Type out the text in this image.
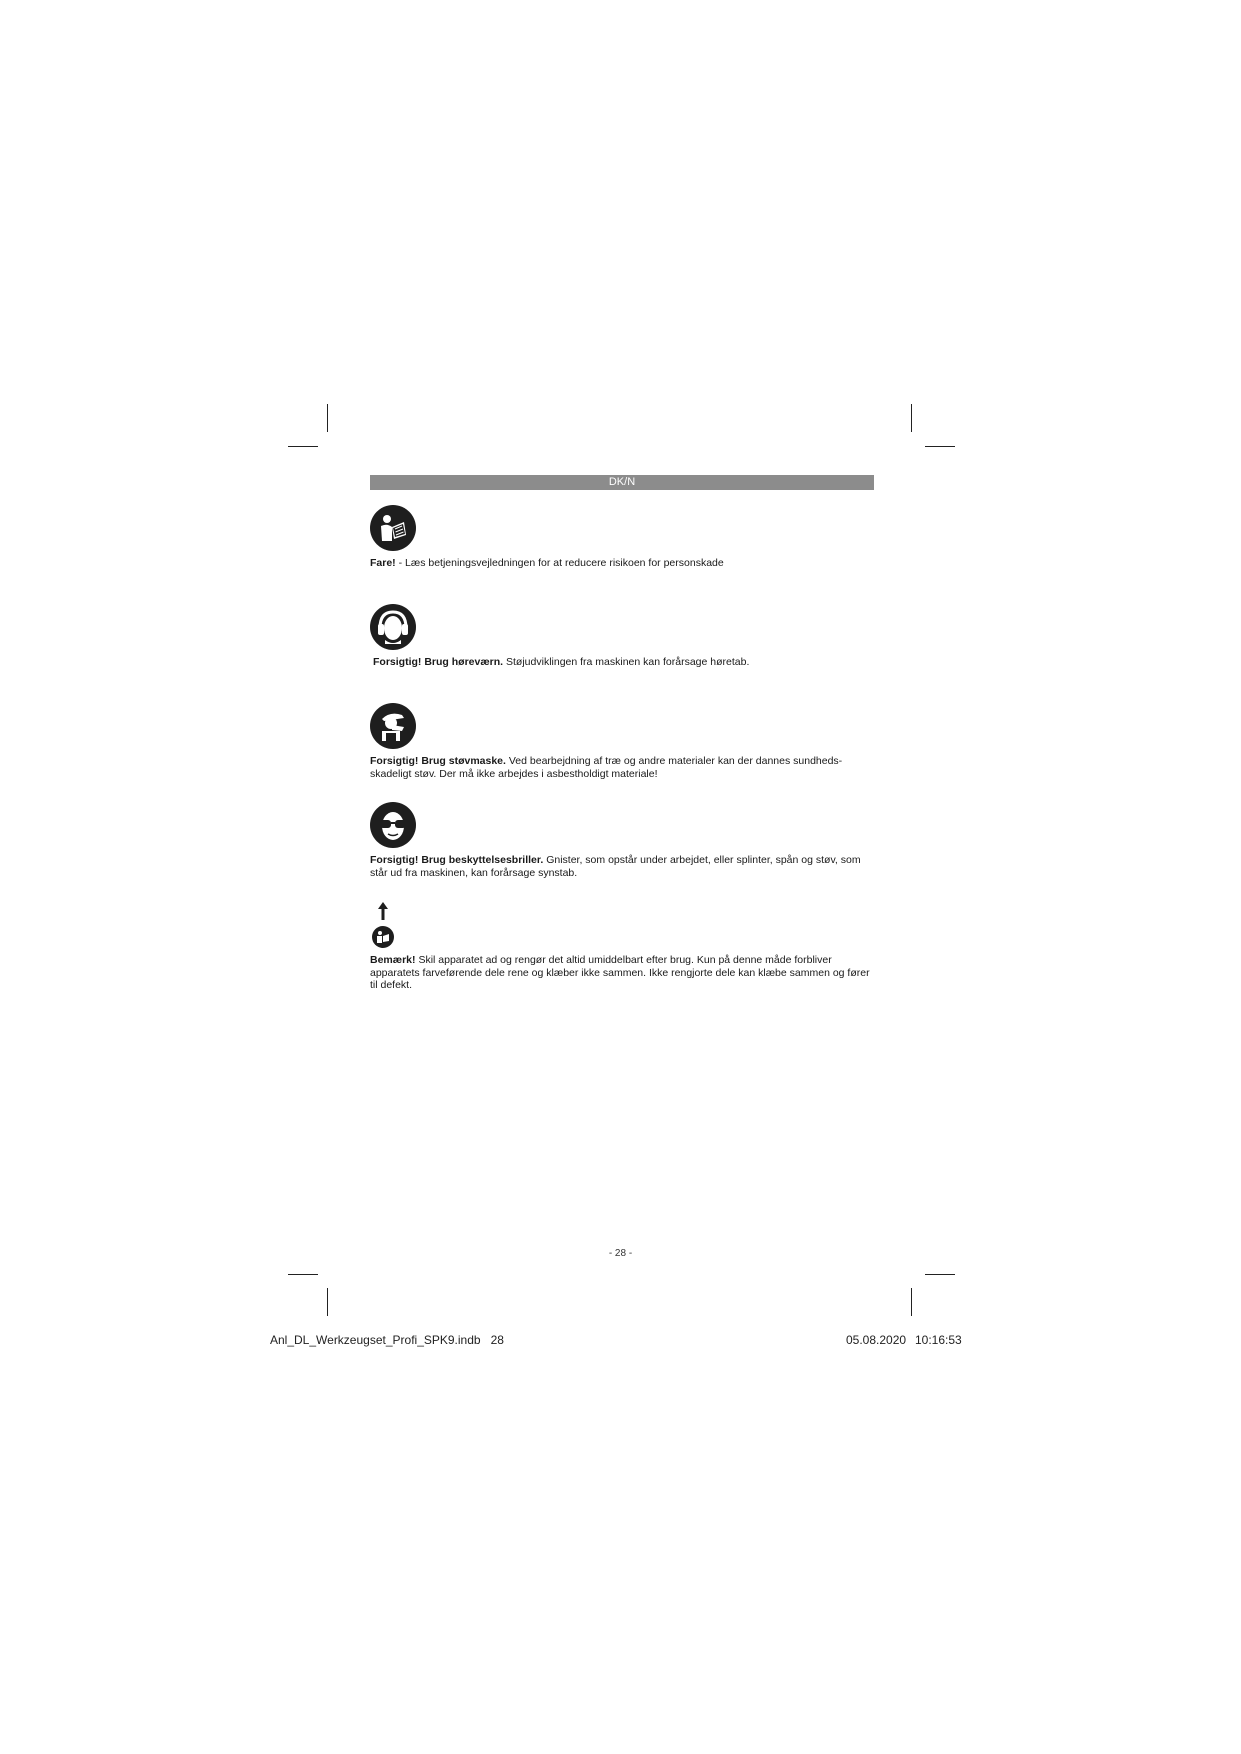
DK/N
Fare! - Læs betjeningsvejledningen for at reducere risikoen for personskade
Forsigtig! Brug høreværn. Støjudviklingen fra maskinen kan forårsage høretab.
Forsigtig! Brug støvmaske. Ved bearbejdning af træ og andre materialer kan der dannes sundheds-skadeligt støv. Der må ikke arbejdes i asbestholdigt materiale!
Forsigtig! Brug beskyttelsesbriller. Gnister, som opstår under arbejdet, eller splinter, spån og støv, som står ud fra maskinen, kan forårsage synstab.
Bemærk! Skil apparatet ad og rengør det altid umiddelbart efter brug. Kun på denne måde forbliver apparatets farveførende dele rene og klæber ikke sammen. Ikke rengjorte dele kan klæbe sammen og fører til defekt.
- 28 -
Anl_DL_Werkzeugset_Profi_SPK9.indb   28	05.08.2020 10:16:53
